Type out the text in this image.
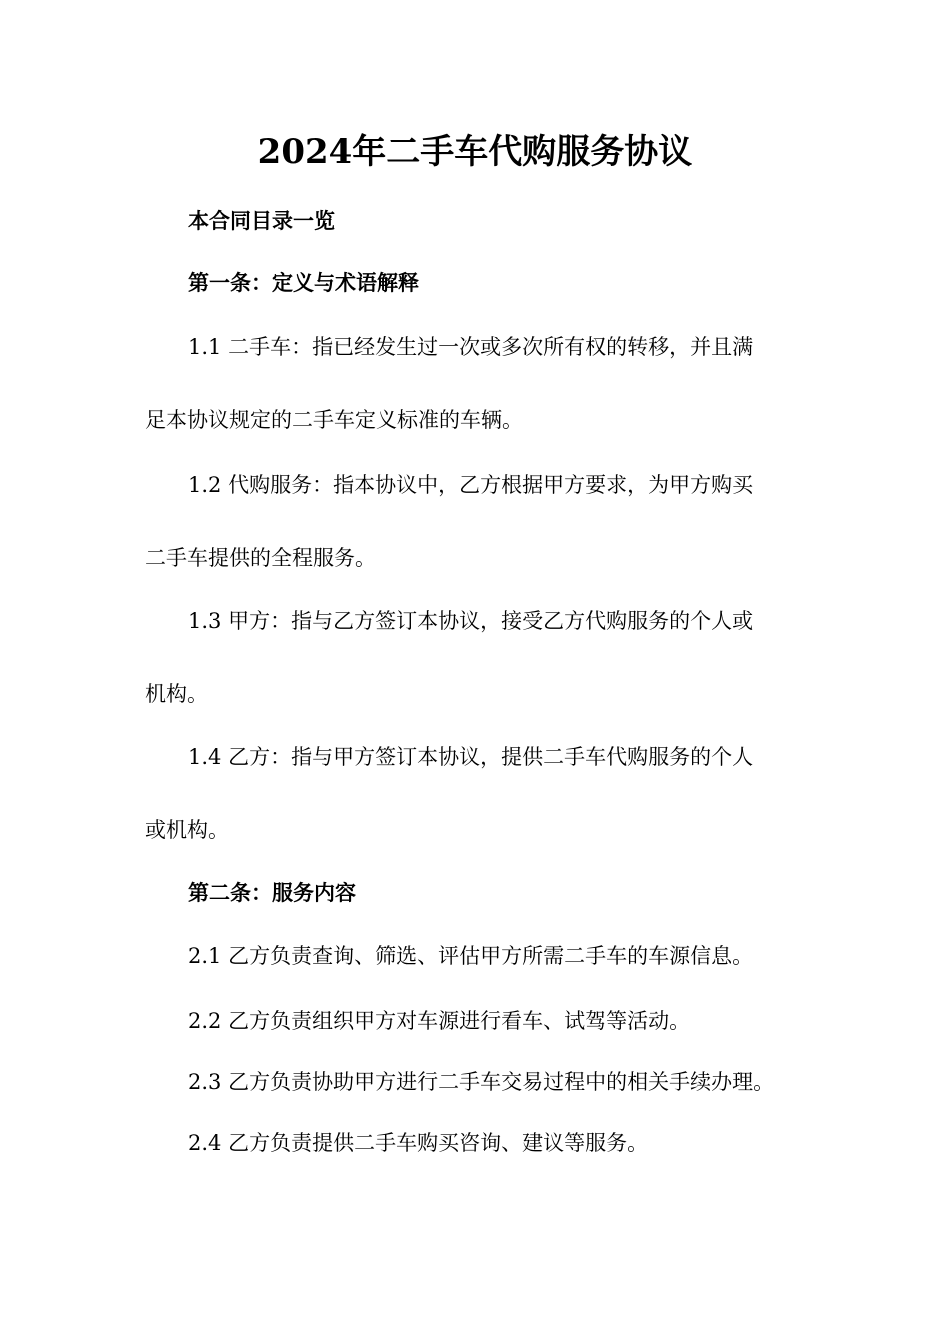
2024年二手车代购服务协议
本合同目录一览
第一条：定义与术语解释
1.1 二手车：指已经发生过一次或多次所有权的转移，并且满
足本协议规定的二手车定义标准的车辆。
1.2 代购服务：指本协议中，乙方根据甲方要求，为甲方购买
二手车提供的全程服务。
1.3 甲方：指与乙方签订本协议，接受乙方代购服务的个人或
机构。
1.4 乙方：指与甲方签订本协议，提供二手车代购服务的个人
或机构。
第二条：服务内容
2.1 乙方负责查询、筛选、评估甲方所需二手车的车源信息。
2.2 乙方负责组织甲方对车源进行看车、试驾等活动。
2.3 乙方负责协助甲方进行二手车交易过程中的相关手续办理。
2.4 乙方负责提供二手车购买咨询、建议等服务。
